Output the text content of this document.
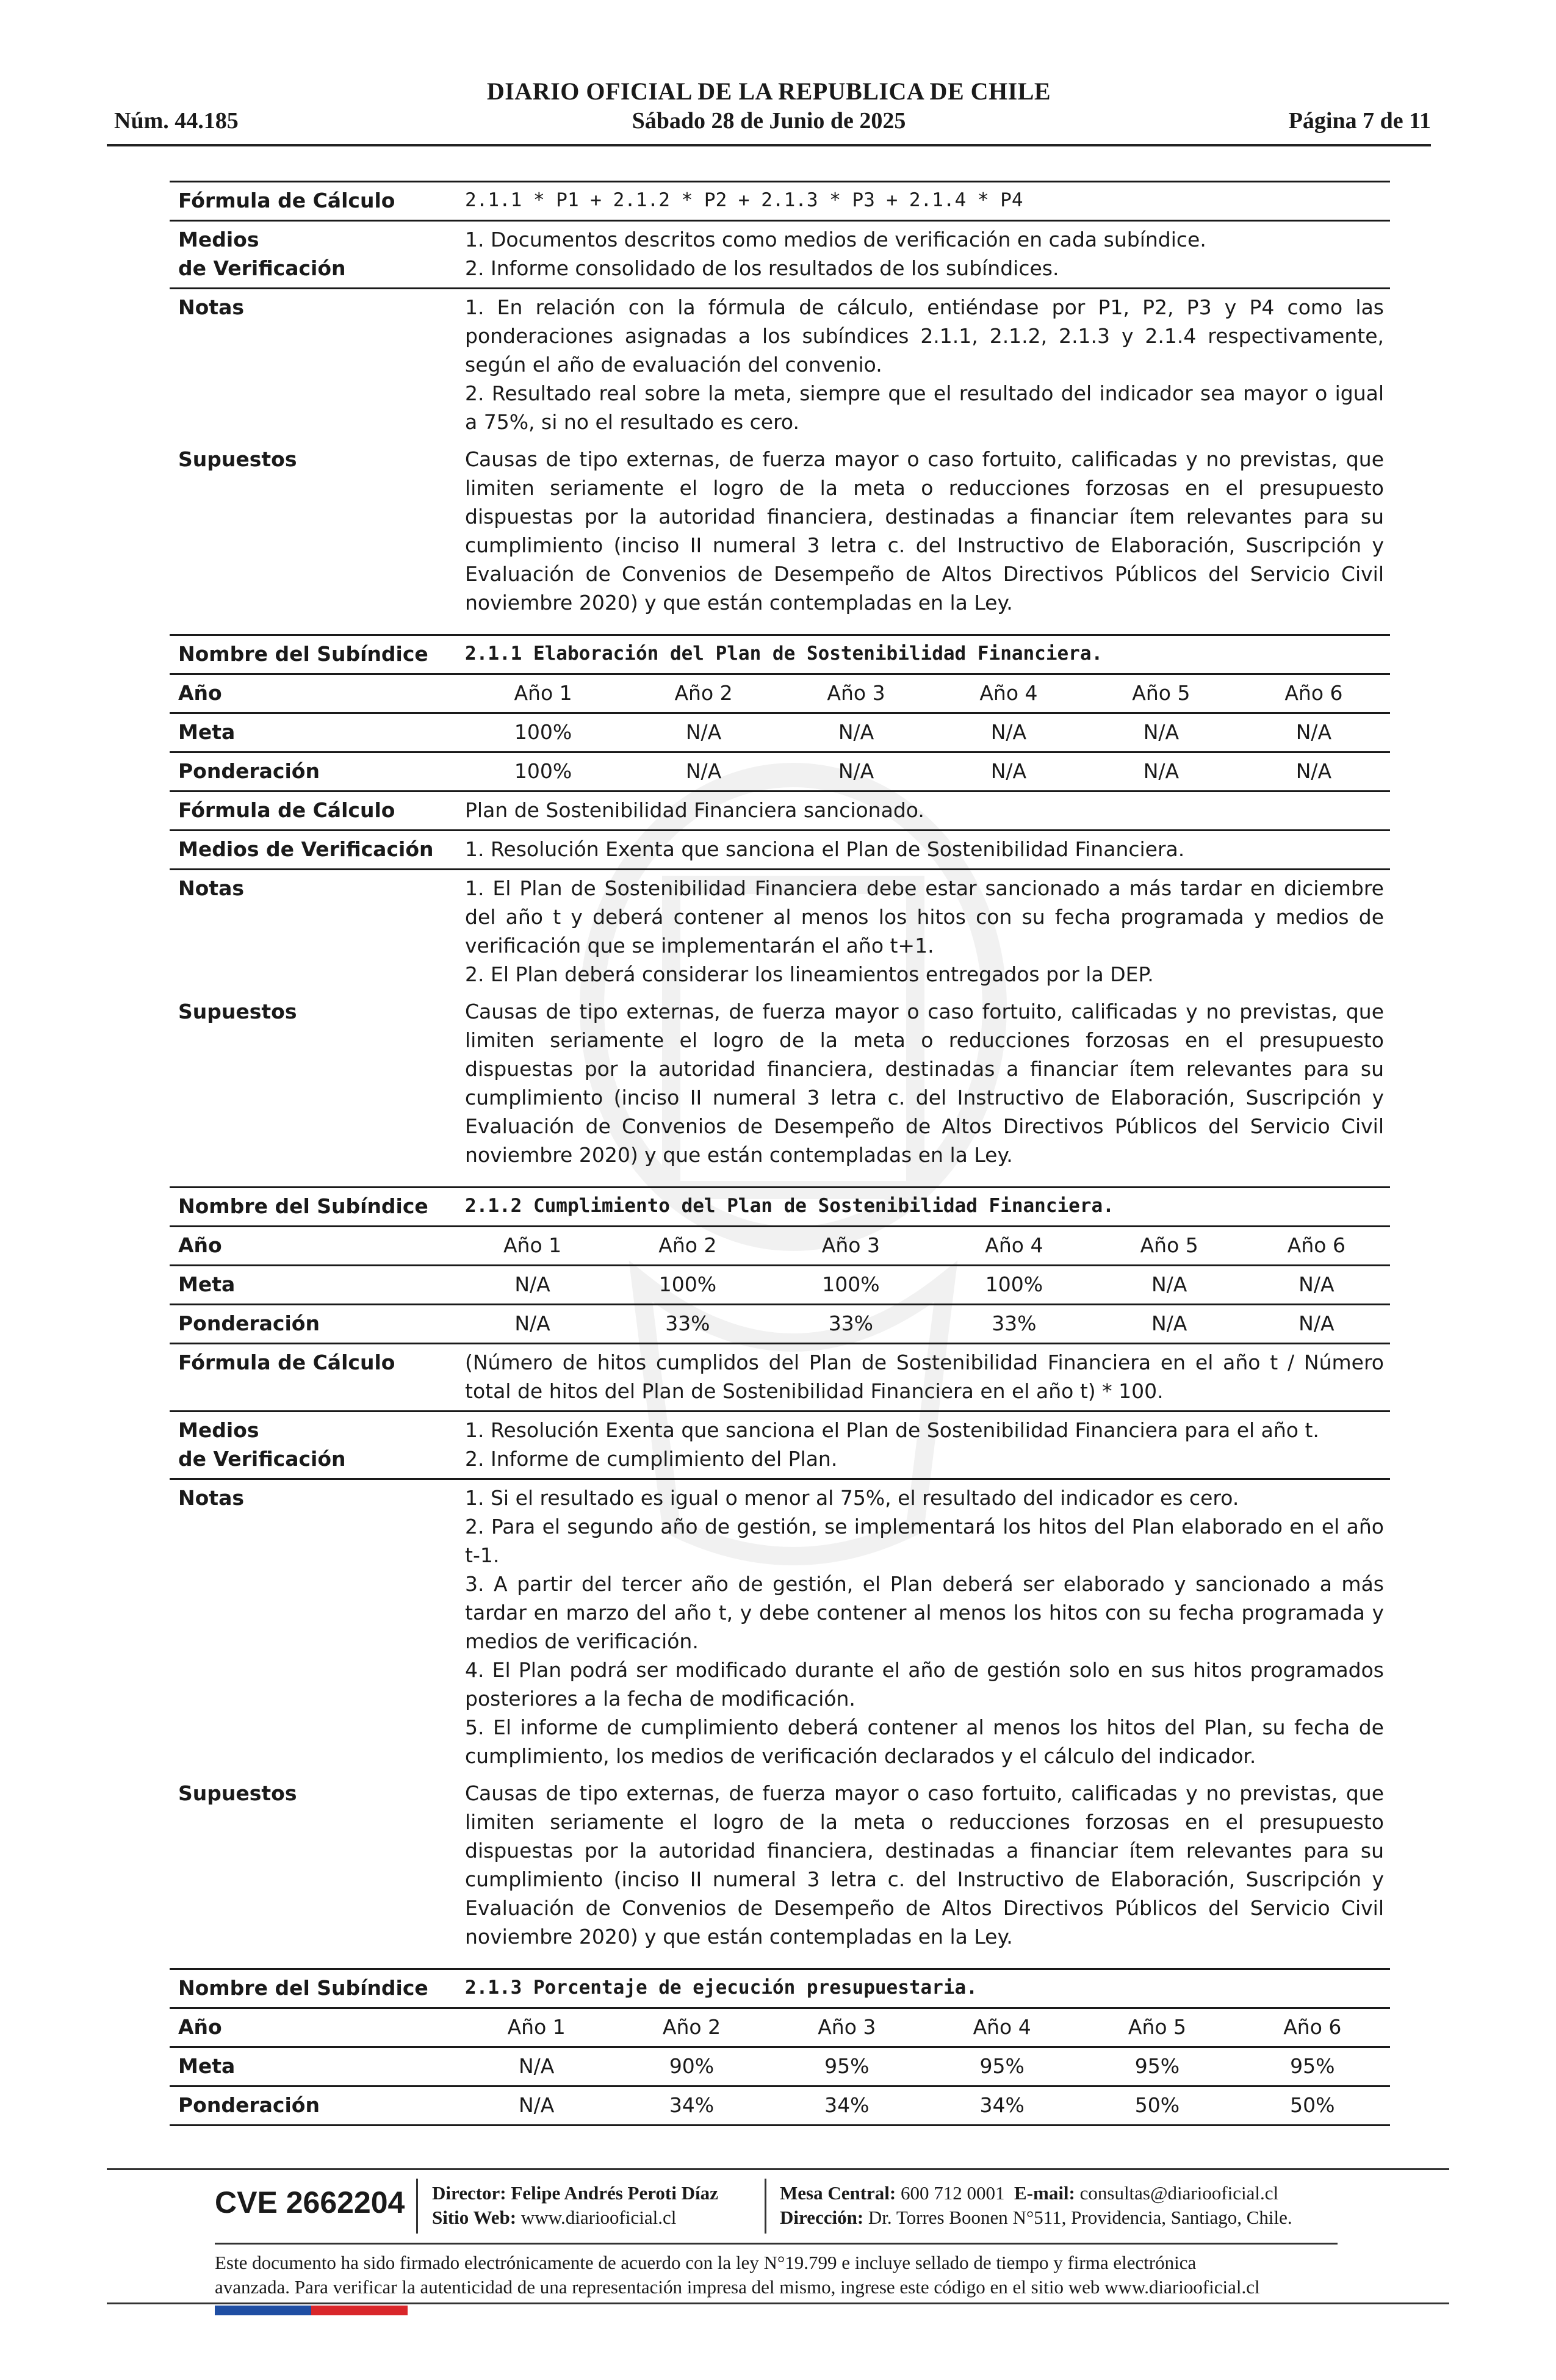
DIARIO OFICIAL DE LA REPUBLICA DE CHILE
Núm. 44.185	Sábado 28 de Junio de 2025	Página 7 de 11
Fórmula de Cálculo	2.1.1 * P1 + 2.1.2 * P2 + 2.1.3 * P3 + 2.1.4 * P4

Medios
de Verificación	1. Documentos descritos como medios de verificación en cada subíndice.
2. Informe consolidado de los resultados de los subíndices.

Notas	1. En relación con la fórmula de cálculo, entiéndase por P1, P2, P3 y P4 como las ponderaciones asignadas a los subíndices 2.1.1, 2.1.2, 2.1.3 y 2.1.4 respectivamente, según el año de evaluación del convenio.
2. Resultado real sobre la meta, siempre que el resultado del indicador sea mayor o igual a 75%, si no el resultado es cero.

Supuestos	Causas de tipo externas, de fuerza mayor o caso fortuito, calificadas y no previstas, que limiten seriamente el logro de la meta o reducciones forzosas en el presupuesto dispuestas por la autoridad financiera, destinadas a financiar ítem relevantes para su cumplimiento (inciso II numeral 3 letra c. del Instructivo de Elaboración, Suscripción y Evaluación de Convenios de Desempeño de Altos Directivos Públicos del Servicio Civil noviembre 2020) y que están contempladas en la Ley.
Nombre del Subíndice	2.1.1 Elaboración del Plan de Sostenibilidad Financiera.					
Año	Año 1	Año 2	Año 3	Año 4	Año 5	Año 6
Meta	100%	N/A	N/A	N/A	N/A	N/A
Ponderación	100%	N/A	N/A	N/A	N/A	N/A
Fórmula de Cálculo	Plan de Sostenibilidad Financiera sancionado.					
Medios de Verificación	1. Resolución Exenta que sanciona el Plan de Sostenibilidad Financiera.					
Notas	1. El Plan de Sostenibilidad Financiera debe estar sancionado a más tardar en diciembre del año t y deberá contener al menos los hitos con su fecha programada y medios de verificación que se implementarán el año t+1.
2. El Plan deberá considerar los lineamientos entregados por la DEP.					

Supuestos	Causas de tipo externas, de fuerza mayor o caso fortuito, calificadas y no previstas, que limiten seriamente el logro de la meta o reducciones forzosas en el presupuesto dispuestas por la autoridad financiera, destinadas a financiar ítem relevantes para su cumplimiento (inciso II numeral 3 letra c. del Instructivo de Elaboración, Suscripción y Evaluación de Convenios de Desempeño de Altos Directivos Públicos del Servicio Civil noviembre 2020) y que están contempladas en la Ley.					
Nombre del Subíndice	2.1.2 Cumplimiento del Plan de Sostenibilidad Financiera.					
Año	Año 1	Año 2	Año 3	Año 4	Año 5	Año 6
Meta	N/A	100%	100%	100%	N/A	N/A
Ponderación	N/A	33%	33%	33%	N/A	N/A
Fórmula de Cálculo	(Número de hitos cumplidos del Plan de Sostenibilidad Financiera en el año t / Número total de hitos del Plan de Sostenibilidad Financiera en el año t) * 100.					

Medios
de Verificación	1. Resolución Exenta que sanciona el Plan de Sostenibilidad Financiera para el año t.
2. Informe de cumplimiento del Plan.					

Notas	1. Si el resultado es igual o menor al 75%, el resultado del indicador es cero.
2. Para el segundo año de gestión, se implementará los hitos del Plan elaborado en el año t-1.
3. A partir del tercer año de gestión, el Plan deberá ser elaborado y sancionado a más tardar en marzo del año t, y debe contener al menos los hitos con su fecha programada y medios de verificación.
4. El Plan podrá ser modificado durante el año de gestión solo en sus hitos programados posteriores a la fecha de modificación.
5. El informe de cumplimiento deberá contener al menos los hitos del Plan, su fecha de cumplimiento, los medios de verificación declarados y el cálculo del indicador.					

Supuestos	Causas de tipo externas, de fuerza mayor o caso fortuito, calificadas y no previstas, que limiten seriamente el logro de la meta o reducciones forzosas en el presupuesto dispuestas por la autoridad financiera, destinadas a financiar ítem relevantes para su cumplimiento (inciso II numeral 3 letra c. del Instructivo de Elaboración, Suscripción y Evaluación de Convenios de Desempeño de Altos Directivos Públicos del Servicio Civil noviembre 2020) y que están contempladas en la Ley.					
Nombre del Subíndice	2.1.3 Porcentaje de ejecución presupuestaria.					
Año	Año 1	Año 2	Año 3	Año 4	Año 5	Año 6
Meta	N/A	90%	95%	95%	95%	95%
Ponderación	N/A	34%	34%	34%	50%	50%
CVE 2662204 Director: Felipe Andrés Peroti Díaz
Sitio Web: www.diariooficial.cl
Mesa Central: 600 712 0001 E-mail: consultas@diariooficial.cl
Dirección: Dr. Torres Boonen N°511, Providencia, Santiago, Chile.
Este documento ha sido firmado electrónicamente de acuerdo con la ley N°19.799 e incluye sellado de tiempo y firma electrónica
avanzada. Para verificar la autenticidad de una representación impresa del mismo, ingrese este código en el sitio web www.diariooficial.cl
